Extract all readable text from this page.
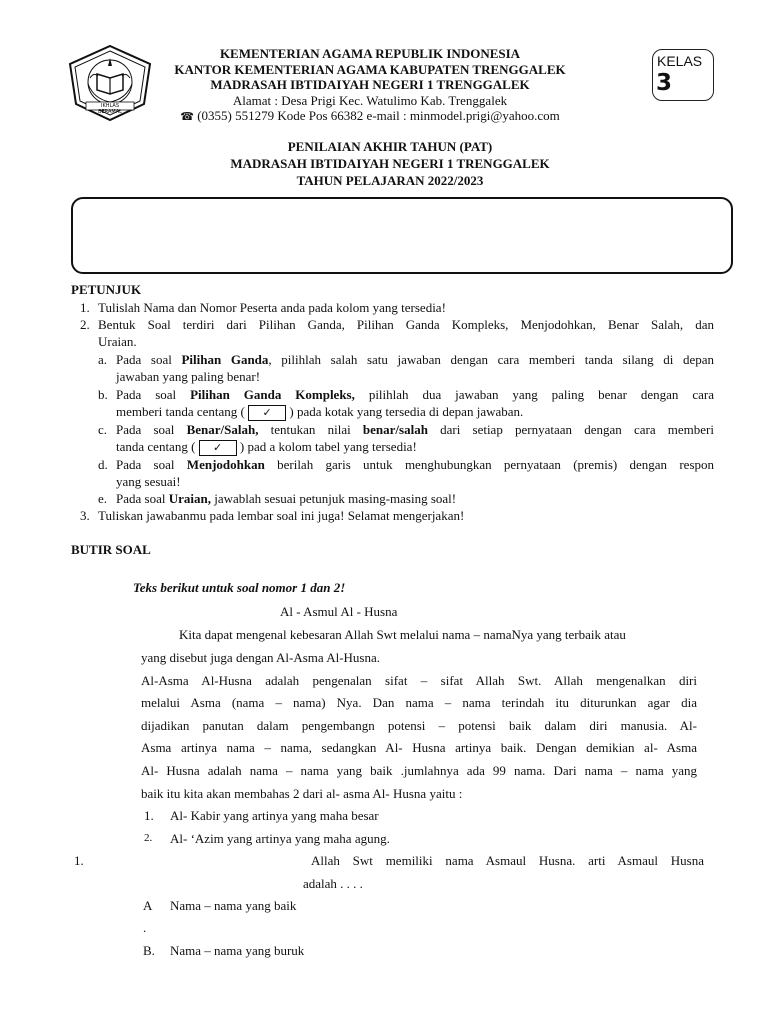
IKHLAS BERAMAL
KEMENTERIAN AGAMA REPUBLIK INDONESIA
KANTOR KEMENTERIAN AGAMA KABUPATEN TRENGGALEK
MADRASAH IBTIDAIYAH NEGERI 1 TRENGGALEK
Alamat : Desa Prigi Kec. Watulimo Kab. Trenggalek
☎ (0355) 551279 Kode Pos 66382 e-mail : minmodel.prigi@yahoo.com
KELAS
3
PENILAIAN AKHIR TAHUN (PAT)
MADRASAH IBTIDAIYAH NEGERI 1 TRENGGALEK
TAHUN PELAJARAN 2022/2023
PETUNJUK
1. Tulislah Nama dan Nomor Peserta anda pada kolom yang tersedia!
2. Bentuk Soal terdiri dari Pilihan Ganda, Pilihan Ganda Kompleks, Menjodohkan, Benar Salah, dan
Uraian.
a. Pada soal Pilihan Ganda, pilihlah salah satu jawaban dengan cara memberi tanda silang di depan
jawaban yang paling benar!
b. Pada soal Pilihan Ganda Kompleks, pilihlah dua jawaban yang paling benar dengan cara
memberi tanda centang ( ✓ ) pada kotak yang tersedia di depan jawaban.
c. Pada soal Benar/Salah, tentukan nilai benar/salah dari setiap pernyataan dengan cara memberi
tanda centang ( ✓ ) pad a kolom tabel yang tersedia!
d. Pada soal Menjodohkan berilah garis untuk menghubungkan pernyataan (premis) dengan respon
yang sesuai!
e. Pada soal Uraian, jawablah sesuai petunjuk masing-masing soal!
3. Tuliskan jawabanmu pada lembar soal ini juga! Selamat mengerjakan!
BUTIR SOAL
Teks berikut untuk soal nomor 1 dan 2!
Al - Asmul Al - Husna
Kita dapat mengenal kebesaran Allah Swt melalui nama – namaNya yang terbaik atau
yang disebut juga dengan Al-Asma Al-Husna.
Al-Asma Al-Husna adalah pengenalan sifat – sifat Allah Swt. Allah mengenalkan diri
melalui Asma (nama – nama) Nya. Dan nama – nama terindah itu diturunkan agar dia
dijadikan panutan dalam pengembangn potensi – potensi baik dalam diri manusia. Al-
Asma artinya nama – nama, sedangkan Al- Husna artinya baik. Dengan demikian al- Asma
Al- Husna adalah nama – nama yang baik .jumlahnya ada 99 nama. Dari nama – nama yang
baik itu kita akan membahas 2 dari al- asma Al- Husna yaitu :
1. Al- Kabir yang artinya yang maha besar
2. Al- ‘Azim yang artinya yang maha agung.
1.	Allah Swt memiliki nama Asmaul Husna. arti Asmaul Husna
adalah . . . .
A Nama – nama yang baik
.
B. Nama – nama yang buruk
